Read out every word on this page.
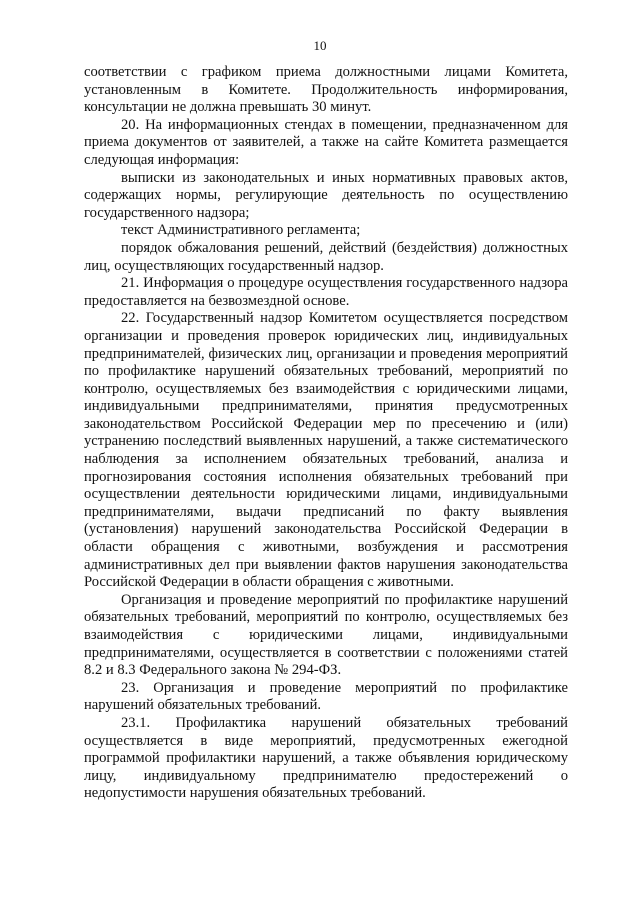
10

соответствии с графиком приема должностными лицами Комитета, установленным в Комитете. Продолжительность информирования, консультации не должна превышать 30 минут.

20. На информационных стендах в помещении, предназначенном для приема документов от заявителей, а также на сайте Комитета размещается следующая информация:

выписки из законодательных и иных нормативных правовых актов, содержащих нормы, регулирующие деятельность по осуществлению государственного надзора;

текст Административного регламента;

порядок обжалования решений, действий (бездействия) должностных лиц, осуществляющих государственный надзор.

21. Информация о процедуре осуществления государственного надзора предоставляется на безвозмездной основе.

22. Государственный надзор Комитетом осуществляется посредством организации и проведения проверок юридических лиц, индивидуальных предпринимателей, физических лиц, организации и проведения мероприятий по профилактике нарушений обязательных требований, мероприятий по контролю, осуществляемых без взаимодействия с юридическими лицами, индивидуальными предпринимателями, принятия предусмотренных законодательством Российской Федерации мер по пресечению и (или) устранению последствий выявленных нарушений, а также систематического наблюдения за исполнением обязательных требований, анализа и прогнозирования состояния исполнения обязательных требований при осуществлении деятельности юридическими лицами, индивидуальными предпринимателями, выдачи предписаний по факту выявления (установления) нарушений законодательства Российской Федерации в области обращения с животными, возбуждения и рассмотрения административных дел при выявлении фактов нарушения законодательства Российской Федерации в области обращения с животными.

Организация и проведение мероприятий по профилактике нарушений обязательных требований, мероприятий по контролю, осуществляемых без взаимодействия с юридическими лицами, индивидуальными предпринимателями, осуществляется в соответствии с положениями статей 8.2 и 8.3 Федерального закона № 294-ФЗ.

23. Организация и проведение мероприятий по профилактике нарушений обязательных требований.

23.1. Профилактика нарушений обязательных требований осуществляется в виде мероприятий, предусмотренных ежегодной программой профилактики нарушений, а также объявления юридическому лицу, индивидуальному предпринимателю предостережений о недопустимости нарушения обязательных требований.
